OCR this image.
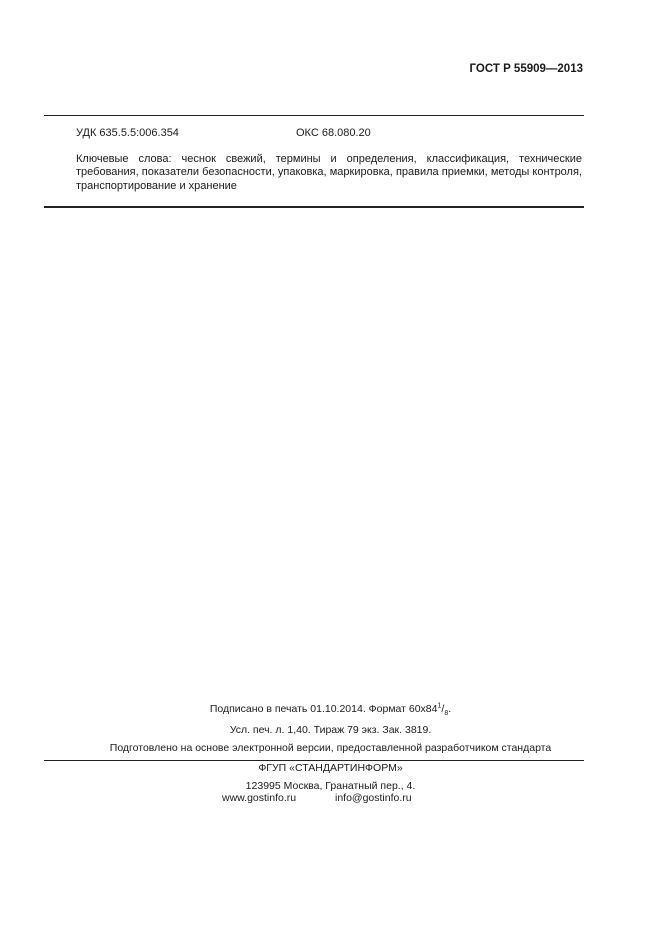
ГОСТ Р 55909—2013
УДК 635.5.5:006.354	ОКС 68.080.20
Ключевые слова: чеснок свежий, термины и определения, классификация, технические требования, показатели безопасности, упаковка, маркировка, правила приемки, методы контроля, транспортирование и хранение
Подписано в печать 01.10.2014. Формат $60x84^1/_8$.
Усл. печ. л. 1,40. Тираж 79 экз. Зак. 3819.
Подготовлено на основе электронной версии, предоставленной разработчиком стандарта
ФГУП «СТАНДАРТИНФОРМ»
123995 Москва, Гранатный пер., 4.
www.gostinfo.ru	info@gostinfo.ru
